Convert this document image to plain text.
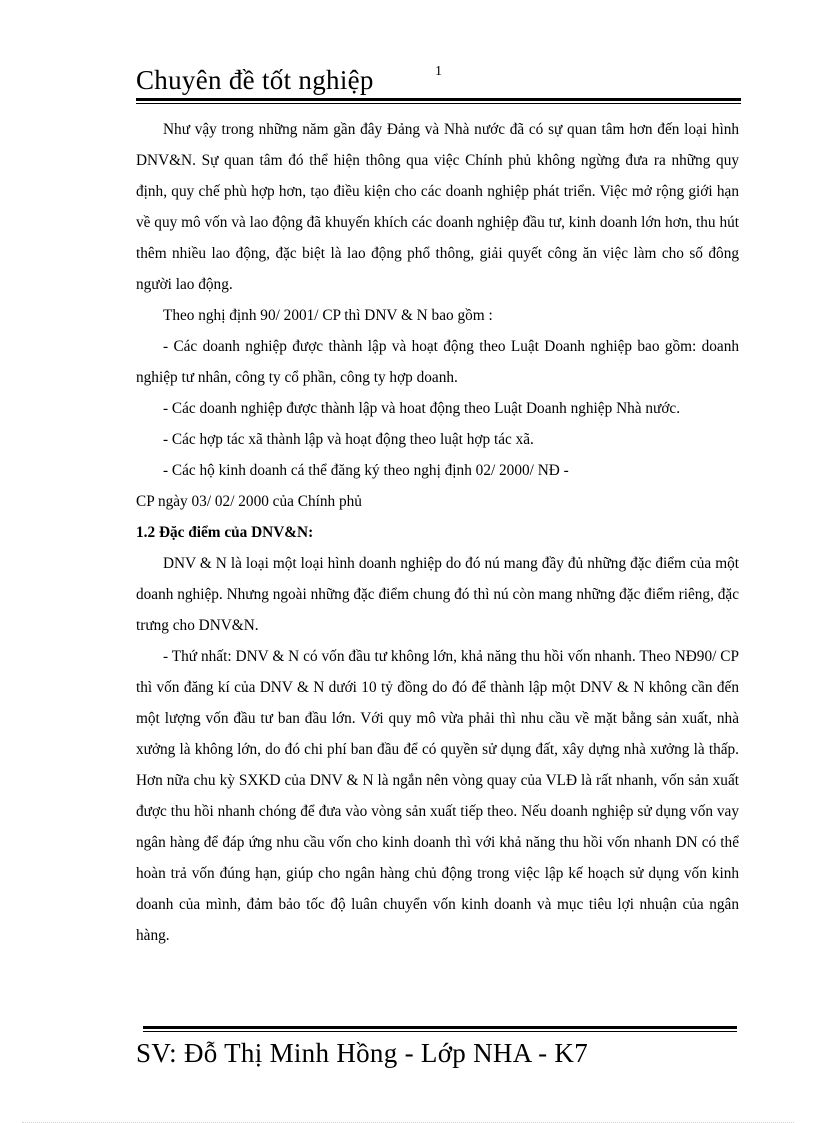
Chuyên đề tốt nghiệp	1

Như vậy trong những năm gần đây Đảng và Nhà nước đã có sự quan tâm hơn đến loại hình DNV&N. Sự quan tâm đó thể hiện thông qua việc Chính phủ không ngừng đưa ra những quy định, quy chế phù hợp hơn, tạo điều kiện cho các doanh nghiệp phát triển. Việc mở rộng giới hạn về quy mô vốn và lao động đã khuyến khích các doanh nghiệp đầu tư, kinh doanh lớn hơn, thu hút thêm nhiều lao động, đặc biệt là lao động phổ thông, giải quyết công ăn việc làm cho số đông người lao động.

Theo nghị định 90/ 2001/ CP thì DNV & N bao gồm :

- Các doanh nghiệp được thành lập và hoạt động theo Luật Doanh nghiệp bao gồm: doanh nghiệp tư nhân, công ty cổ phần, công ty hợp doanh.

- Các doanh nghiệp được thành lập và hoat động theo Luật Doanh nghiệp Nhà nước.

- Các hợp tác xã thành lập và hoạt động theo luật hợp tác xã.

- Các hộ kinh doanh cá thể đăng ký theo nghị định 02/ 2000/ NĐ -

CP ngày 03/ 02/ 2000 của Chính phủ

1.2 Đặc điểm của DNV&N:

DNV & N là loại một loại hình doanh nghiệp do đó nú mang đầy đủ những đặc điểm của một doanh nghiệp. Nhưng ngoài những đặc điểm chung đó thì nú còn mang những đặc điểm riêng, đặc trưng cho DNV&N.

- Thứ nhất: DNV & N có vốn đầu tư không lớn, khả năng thu hồi vốn nhanh. Theo NĐ90/ CP thì vốn đăng kí của DNV & N dưới 10 tỷ đồng do đó để thành lập một DNV & N không cần đến một lượng vốn đầu tư ban đầu lớn. Với quy mô vừa phải thì nhu cầu về mặt bằng sản xuất, nhà xưởng là không lớn, do đó chi phí ban đầu để có quyền sử dụng đất, xây dựng nhà xưởng là thấp. Hơn nữa chu kỳ SXKD của DNV & N là ngắn nên vòng quay của VLĐ là rất nhanh, vốn sản xuất được thu hồi nhanh chóng để đưa vào vòng sản xuất tiếp theo. Nếu doanh nghiệp sử dụng vốn vay ngân hàng để đáp ứng nhu cầu vốn cho kinh doanh thì với khả năng thu hồi vốn nhanh DN có thể hoàn trả vốn đúng hạn, giúp cho ngân hàng chủ động trong việc lập kế hoạch sử dụng vốn kinh doanh của mình, đảm bảo tốc độ luân chuyển vốn kinh doanh và mục tiêu lợi nhuận của ngân hàng.

SV: Đỗ Thị Minh Hồng - Lớp NHA - K7
